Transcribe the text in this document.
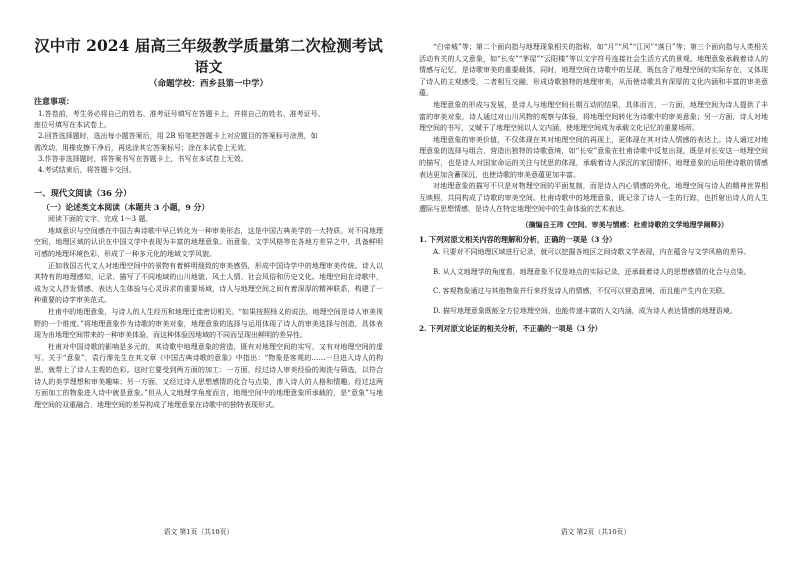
汉中市 2024 届高三年级教学质量第二次检测考试
语文
（命题学校：西乡县第一中学）
注意事项：

1.答卷前，考生务必将自己的姓名、准考证号填写在答题卡上，并将自己的姓名、准考证号、

座位号填写在本试卷上。

2.回答选择题时，选出每小题答案后，用 2B 铅笔把答题卡上对应题目的答案标号涂黑，如

需改动，用橡皮擦干净后，再选涂其它答案标号；涂在本试卷上无效。

3.作答非选择题时，将答案书写在答题卡上，书写在本试卷上无效。

4.考试结束后，将答题卡交回。

一、现代文阅读（36 分）
（一）论述类文本阅读（本题共 3 小题，9 分）

阅读下面的文字，完成 1～3 题。

地域意识与空间感在中国古典诗歌中早已转化为一种审美形态，这是中国古典美学的一大特质。对不同地理空间，地理区域的认识在中国文学中表现为丰富的地理意象。而意象，文学风格等在各地方差异之中，具备鲜明可感的地理环境色彩，形成了一种多元化的地域文学风貌。

正如我国古代文人对地理空间中的景物有着鲜明细致的审美感悟，形成中国诗学中的地理审美传统。诗人以其特有的地理感知，记录、描写了不同地域的山川地貌、风土人情、社会风俗和历史文化。地理空间在诗歌中，成为文人抒发情感、表达人生体验与心灵诉求的重要场域，诗人与地理空间之间有着深厚的精神联系，构建了一种重要的诗学审美范式。

杜甫中的地理意象，与诗人的人生经历和地理迁徙密切相关。“如果按照杨义的说法，地理空间是诗人审美视野的一个维度。”将地理意象作为诗歌的审美对象，地理意象的选择与运用体现了诗人的审美选择与创造，具体表现为由地理空间带来的一种审美体验，而这种体验因地域的不同而呈现出鲜明的差异性。

杜甫对中国诗歌的影响是多元的，其诗歌中地理意象的营造，既有对地理空间的实写，又有对地理空间的虚写。关于“意象”，袁行霈先生在其文章《中国古典诗歌的意象》中指出：“物象是客观的……一旦进入诗人的构思，就带上了诗人主观的色彩。这时它要受到两方面的加工：一方面，经过诗人审美经验的淘洗与筛选，以符合诗人的美学理想和审美趣味；另一方面，又经过诗人思想感情的化合与点染，渗入诗人的人格和情趣。经过这两方面加工的物象进入诗中就是意象。”但从人文地理学角度而言，地理空间中的地理意象所承载的，是“意象”与地理空间的双重融合，地理空间的差异构成了地理意象在诗歌中的独特表现形式。

语文 第1页（共10页）

“白帝城”等；第二个面向指与地理现象相关的指称，如“月”“风”“江河”“落日”等；第三个面向指与人类相关活动有关的人文意象，如“长安”“茅屋”“云阳楼”等以文字符号连接社会生活方式的景观。地理意象承载着诗人的情感与记忆，是诗歌审美的重要载体，同时，地理空间在诗歌中的呈现，既包含了地理空间的实际存在，又体现了诗人的主观感受，二者相互交融，形成诗歌独特的地理审美，从而使诗歌具有深厚的文化内涵和丰富的审美意蕴。

地理意象的形成与发展，是诗人与地理空间长期互动的结果，具体而言，一方面，地理空间为诗人提供了丰富的审美对象，诗人通过对山川风物的观察与体验，将地理空间转化为诗歌中的审美意象；另一方面，诗人对地理空间的书写，又赋予了地理空间以人文内涵，使地理空间成为承载文化记忆的重要场所。

地理意象的审美价值，不仅体现在其对地理空间的再现上，更体现在其对诗人情感的表达上。诗人通过对地理意象的选择与组合，营造出独特的诗歌意境，如“长安”意象在杜甫诗歌中反复出现，既是对长安这一地理空间的描写，也是诗人对国家命运的关注与忧思的体现，承载着诗人深沉的家国情怀。地理意象的运用使诗歌的情感表达更加含蓄深沉，也使诗歌的审美意蕴更加丰富。

对地理意象的描写不只是对物理空间的平面复制，而是诗人内心情感的外化，地理空间与诗人的精神世界相互映照，共同构成了诗歌的审美空间。杜甫诗歌中的地理意象，既记录了诗人一生的行踪，也折射出诗人的人生遭际与思想情感，是诗人在特定地理空间中的生命体验的艺术表达。

（摘编自王玮《空间、审美与情感：杜甫诗歌的文学地理学阐释》）
1. 下列对原文相关内容的理解和分析，正确的一项是（3 分）

A. 只要对不同地理区域进行记录，就可以挖掘各地区之间诗歌文学表现，内在蕴含与文学风格的差异。

B. 从人文地理学的角度看，地理意象不仅是地点的实际记录，还承载着诗人的思想感情的化合与点染。

C. 客观物象通过与其他物象并行来抒发诗人的情感，不仅可以营造意境，而且能产生内在关联。

D. 描写地理意象既能全方位地理空间，也能传递丰富的人文内涵，成为诗人表达情感的地理语境。

2. 下列对原文论证的相关分析，不正确的一项是（3 分）
语文 第2页（共10页）
